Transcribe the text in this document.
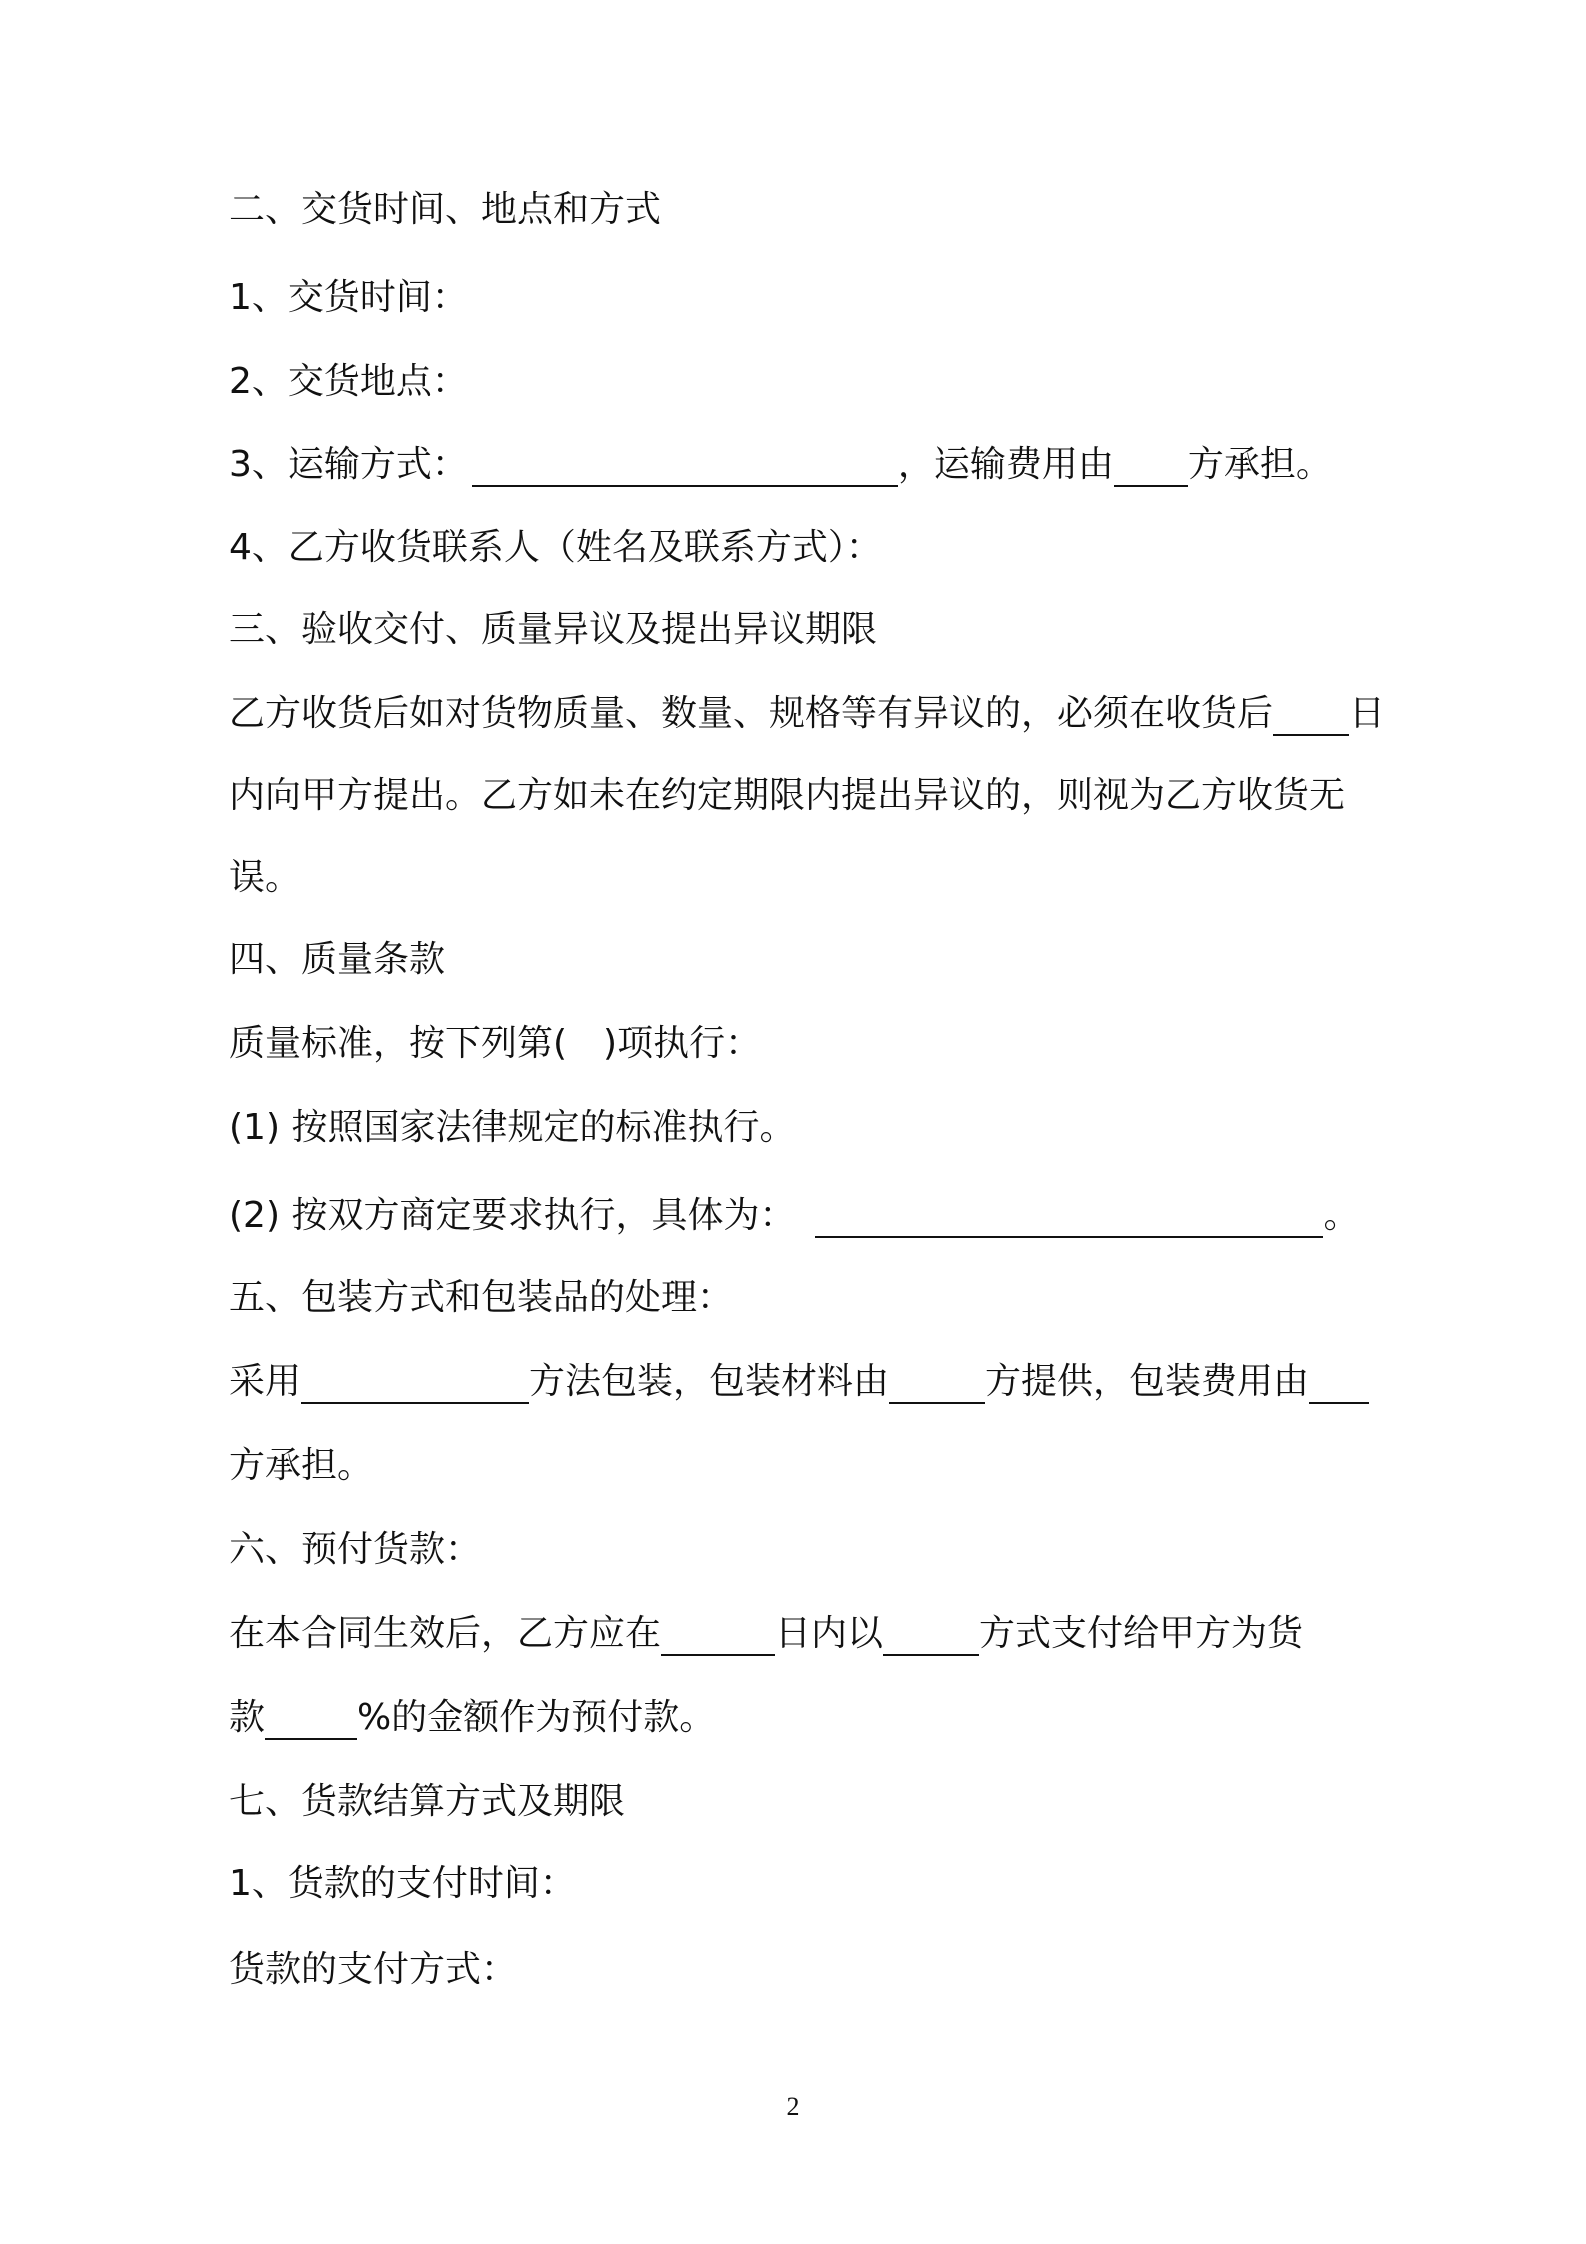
二、交货时间、地点和方式

1、交货时间：

2、交货地点：

3、运输方式：	，运输费用由 方承担。

4、乙方收货联系人（姓名及联系方式）：

三、验收交付、质量异议及提出异议期限

乙方收货后如对货物质量、数量、规格等有异议的，必须在收货后 日

内向甲方提出。乙方如未在约定期限内提出异议的，则视为乙方收货无

误。

四、质量条款

质量标准，按下列第( )项执行：

(1) 按照国家法律规定的标准执行。

(2) 按双方商定要求执行，具体为：	。

五、包装方式和包装品的处理：

采用	方法包装，包装材料由	方提供，包装费用由

方承担。

六、预付货款：

在本合同生效后，乙方应在	日内以	方式支付给甲方为货

款	%的金额作为预付款。

七、货款结算方式及期限

1、货款的支付时间：

货款的支付方式：

2
